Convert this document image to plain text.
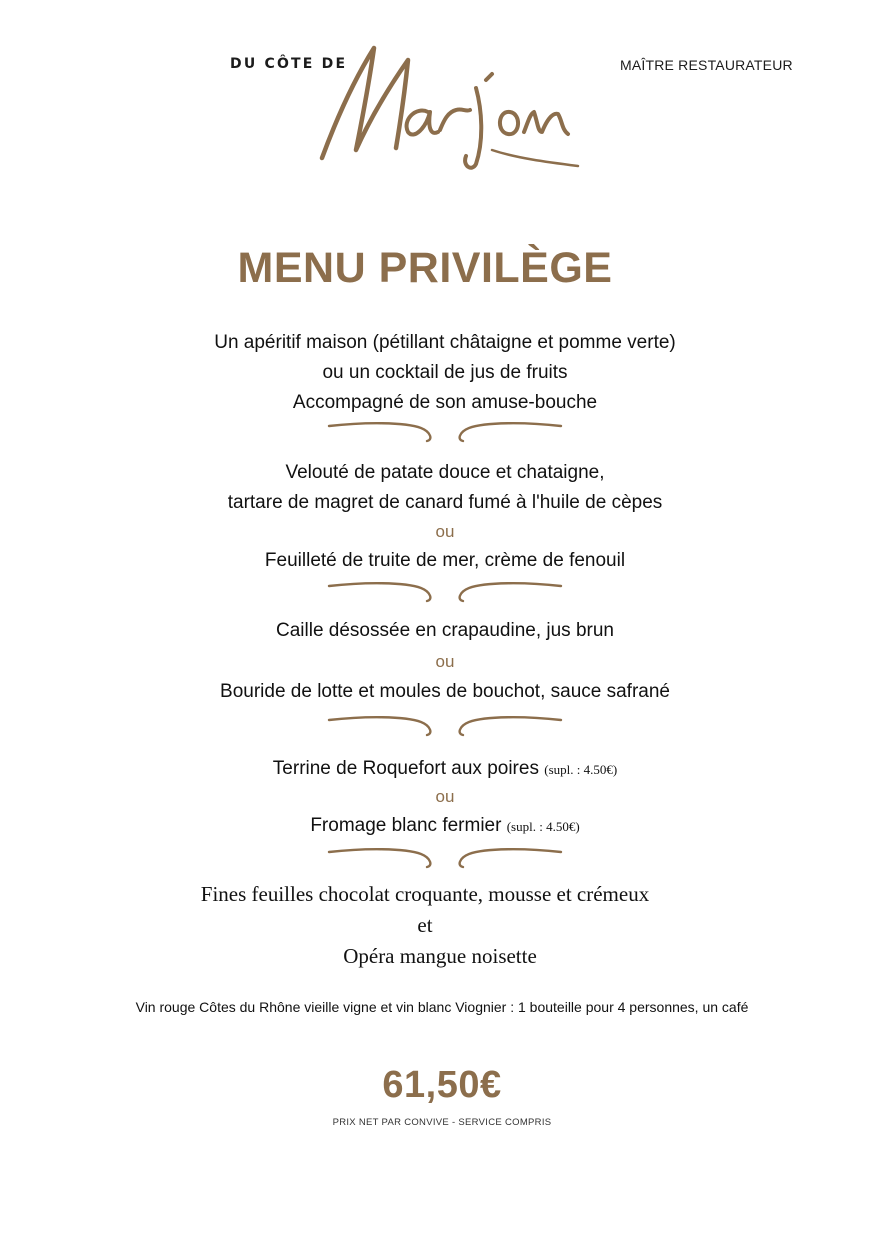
DU CÔTE DE	MAÎTRE RESTAURATEUR
MENU PRIVILÈGE
Un apéritif maison (pétillant châtaigne et pomme verte)
ou un cocktail de jus de fruits
Accompagné de son amuse-bouche
Velouté de patate douce et chataigne,
tartare de magret de canard fumé à l'huile de cèpes
ou
Feuilleté de truite de mer, crème de fenouil
Caille désossée en crapaudine, jus brun
ou
Bouride de lotte et moules de bouchot, sauce safrané
Terrine de Roquefort aux poires (supl. : 4.50€)
ou
Fromage blanc fermier (supl. : 4.50€)
Fines feuilles chocolat croquante, mousse et crémeux
et
Opéra mangue noisette
Vin rouge Côtes du Rhône vieille vigne et vin blanc Viognier : 1 bouteille pour 4 personnes, un café
61,50€
PRIX NET PAR CONVIVE - SERVICE COMPRIS
